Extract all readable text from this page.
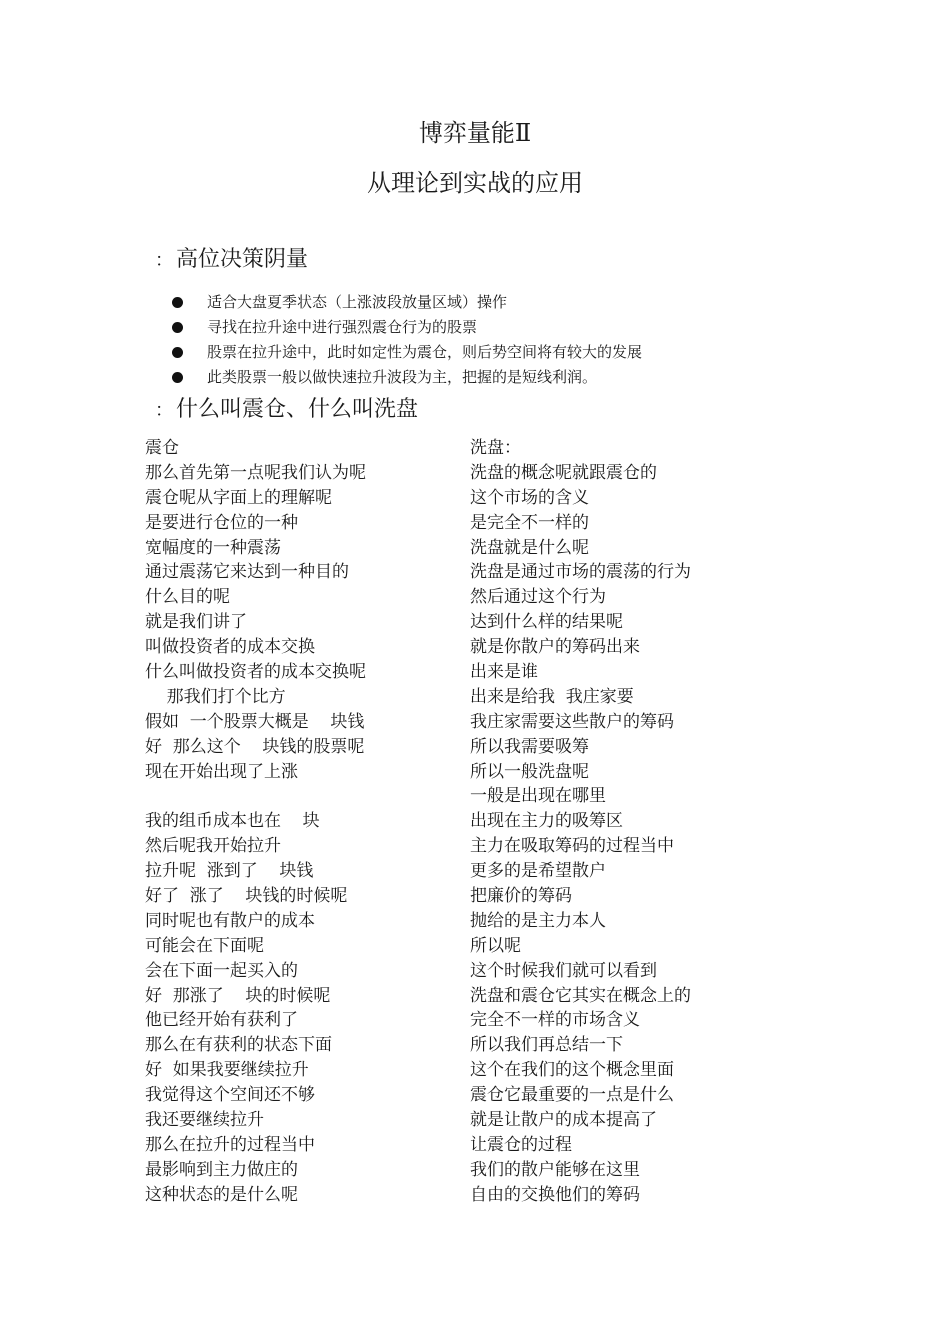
博弈量能Ⅱ
从理论到实战的应用
： 高位决策阴量
适合大盘夏季状态（上涨波段放量区域）操作
寻找在拉升途中进行强烈震仓行为的股票
股票在拉升途中，此时如定性为震仓，则后势空间将有较大的发展
此类股票一般以做快速拉升波段为主，把握的是短线利润。
： 什么叫震仓、什么叫洗盘
震仓
那么首先第一点呢我们认为呢
震仓呢从字面上的理解呢
是要进行仓位的一种
宽幅度的一种震荡
通过震荡它来达到一种目的
什么目的呢
就是我们讲了
叫做投资者的成本交换
什么叫做投资者的成本交换呢
那我们打个比方
假如  一个股票大概是    块钱
好  那么这个    块钱的股票呢
现在开始出现了上涨
我的组币成本也在    块
然后呢我开始拉升
拉升呢  涨到了    块钱
好了  涨了    块钱的时候呢
同时呢也有散户的成本
可能会在下面呢
会在下面一起买入的
好  那涨了    块的时候呢
他已经开始有获利了
那么在有获利的状态下面
好  如果我要继续拉升
我觉得这个空间还不够
我还要继续拉升
那么在拉升的过程当中
最影响到主力做庄的
这种状态的是什么呢
洗盘：
洗盘的概念呢就跟震仓的
这个市场的含义
是完全不一样的
洗盘就是什么呢
洗盘是通过市场的震荡的行为
然后通过这个行为
达到什么样的结果呢
就是你散户的筹码出来
出来是谁
出来是给我  我庄家要
我庄家需要这些散户的筹码
所以我需要吸筹
所以一般洗盘呢
一般是出现在哪里
出现在主力的吸筹区
主力在吸取筹码的过程当中
更多的是希望散户
把廉价的筹码
抛给的是主力本人
所以呢
这个时候我们就可以看到
洗盘和震仓它其实在概念上的
完全不一样的市场含义
所以我们再总结一下
这个在我们的这个概念里面
震仓它最重要的一点是什么
就是让散户的成本提高了
让震仓的过程
我们的散户能够在这里
自由的交换他们的筹码
